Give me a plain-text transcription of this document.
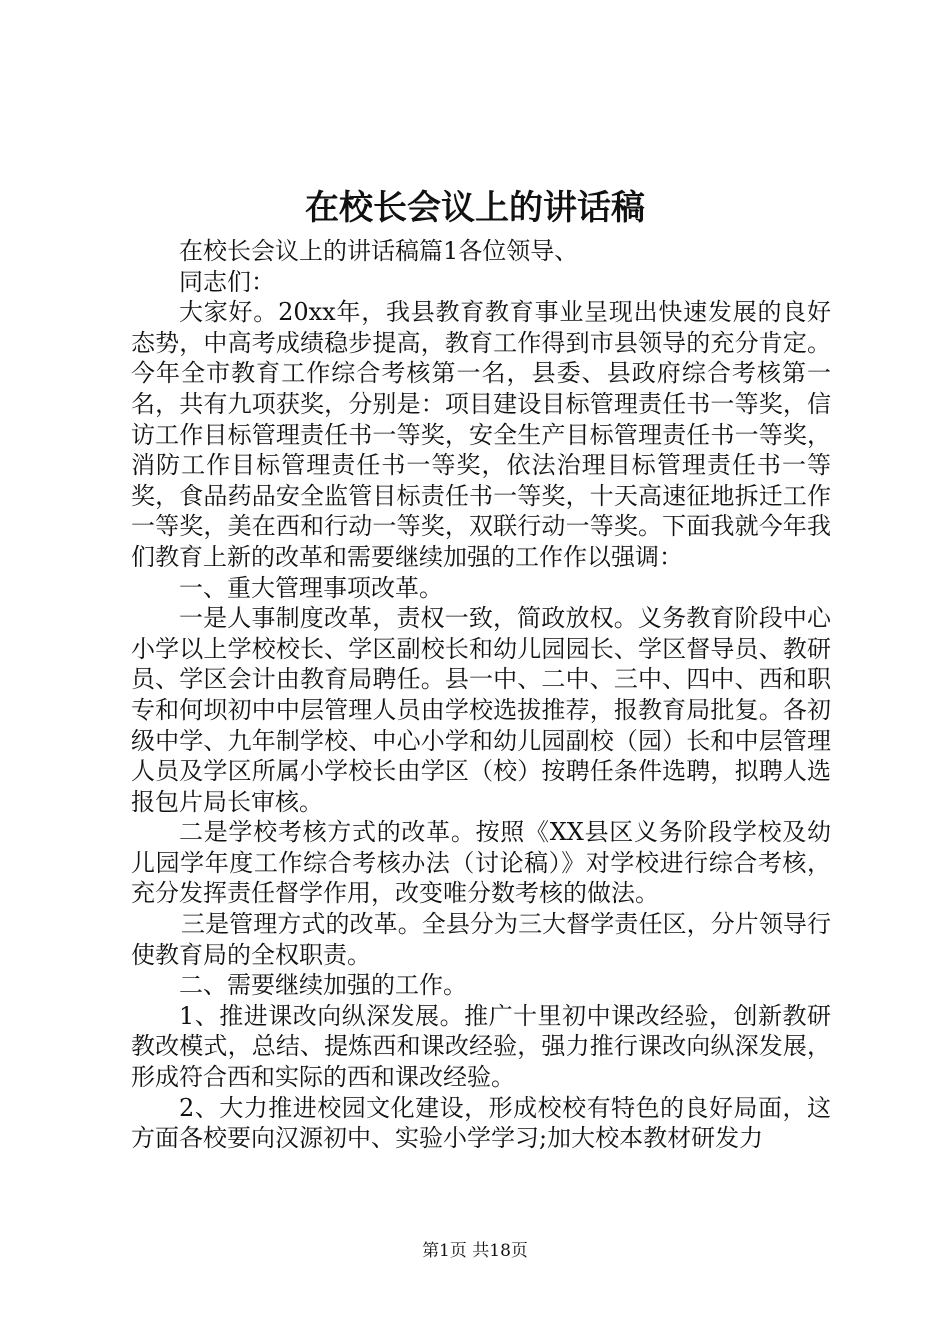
在校长会议上的讲话稿

在校长会议上的讲话稿篇1各位领导、

同志们：

大家好。20xx年，我县教育教育事业呈现出快速发展的良好态势，中高考成绩稳步提高，教育工作得到市县领导的充分肯定。今年全市教育工作综合考核第一名，县委、县政府综合考核第一名，共有九项获奖，分别是：项目建设目标管理责任书一等奖，信访工作目标管理责任书一等奖，安全生产目标管理责任书一等奖，消防工作目标管理责任书一等奖，依法治理目标管理责任书一等奖，食品药品安全监管目标责任书一等奖，十天高速征地拆迁工作一等奖，美在西和行动一等奖，双联行动一等奖。下面我就今年我们教育上新的改革和需要继续加强的工作作以强调：

一、重大管理事项改革。

一是人事制度改革，责权一致，简政放权。义务教育阶段中心小学以上学校校长、学区副校长和幼儿园园长、学区督导员、教研员、学区会计由教育局聘任。县一中、二中、三中、四中、西和职专和何坝初中中层管理人员由学校选拔推荐，报教育局批复。各初级中学、九年制学校、中心小学和幼儿园副校（园）长和中层管理人员及学区所属小学校长由学区（校）按聘任条件选聘，拟聘人选报包片局长审核。

二是学校考核方式的改革。按照《XX县区义务阶段学校及幼儿园学年度工作综合考核办法（讨论稿）》对学校进行综合考核，充分发挥责任督学作用，改变唯分数考核的做法。

三是管理方式的改革。全县分为三大督学责任区，分片领导行使教育局的全权职责。

二、需要继续加强的工作。

1、推进课改向纵深发展。推广十里初中课改经验，创新教研教改模式，总结、提炼西和课改经验，强力推行课改向纵深发展，形成符合西和实际的西和课改经验。

2、大力推进校园文化建设，形成校校有特色的良好局面，这方面各校要向汉源初中、实验小学学习;加大校本教材研发力

第1页 共18页
